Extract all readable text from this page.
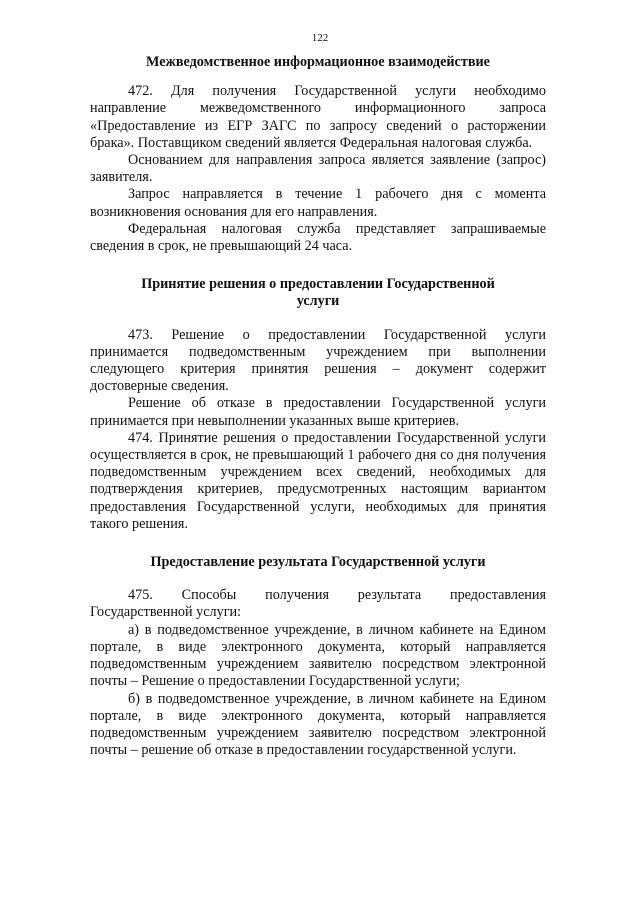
122

Межведомственное информационное взаимодействие

472. Для получения Государственной услуги необходимо направление межведомственного информационного запроса «Предоставление из ЕГР ЗАГС по запросу сведений о расторжении брака». Поставщиком сведений является Федеральная налоговая служба.

Основанием для направления запроса является заявление (запрос) заявителя.

Запрос направляется в течение 1 рабочего дня с момента возникновения основания для его направления.

Федеральная налоговая служба представляет запрашиваемые сведения в срок, не превышающий 24 часа.

Принятие решения о предоставлении Государственной услуги

473. Решение о предоставлении Государственной услуги принимается подведомственным учреждением при выполнении следующего критерия принятия решения – документ содержит достоверные сведения.

Решение об отказе в предоставлении Государственной услуги принимается при невыполнении указанных выше критериев.

474. Принятие решения о предоставлении Государственной услуги осуществляется в срок, не превышающий 1 рабочего дня со дня получения подведомственным учреждением всех сведений, необходимых для подтверждения критериев, предусмотренных настоящим вариантом предоставления Государственной услуги, необходимых для принятия такого решения.

Предоставление результата Государственной услуги

475. Способы получения результата предоставления Государственной услуги:

а) в подведомственное учреждение, в личном кабинете на Едином портале, в виде электронного документа, который направляется подведомственным учреждением заявителю посредством электронной почты – Решение о предоставлении Государственной услуги;

б) в подведомственное учреждение, в личном кабинете на Едином портале, в виде электронного документа, который направляется подведомственным учреждением заявителю посредством электронной почты – решение об отказе в предоставлении государственной услуги.
